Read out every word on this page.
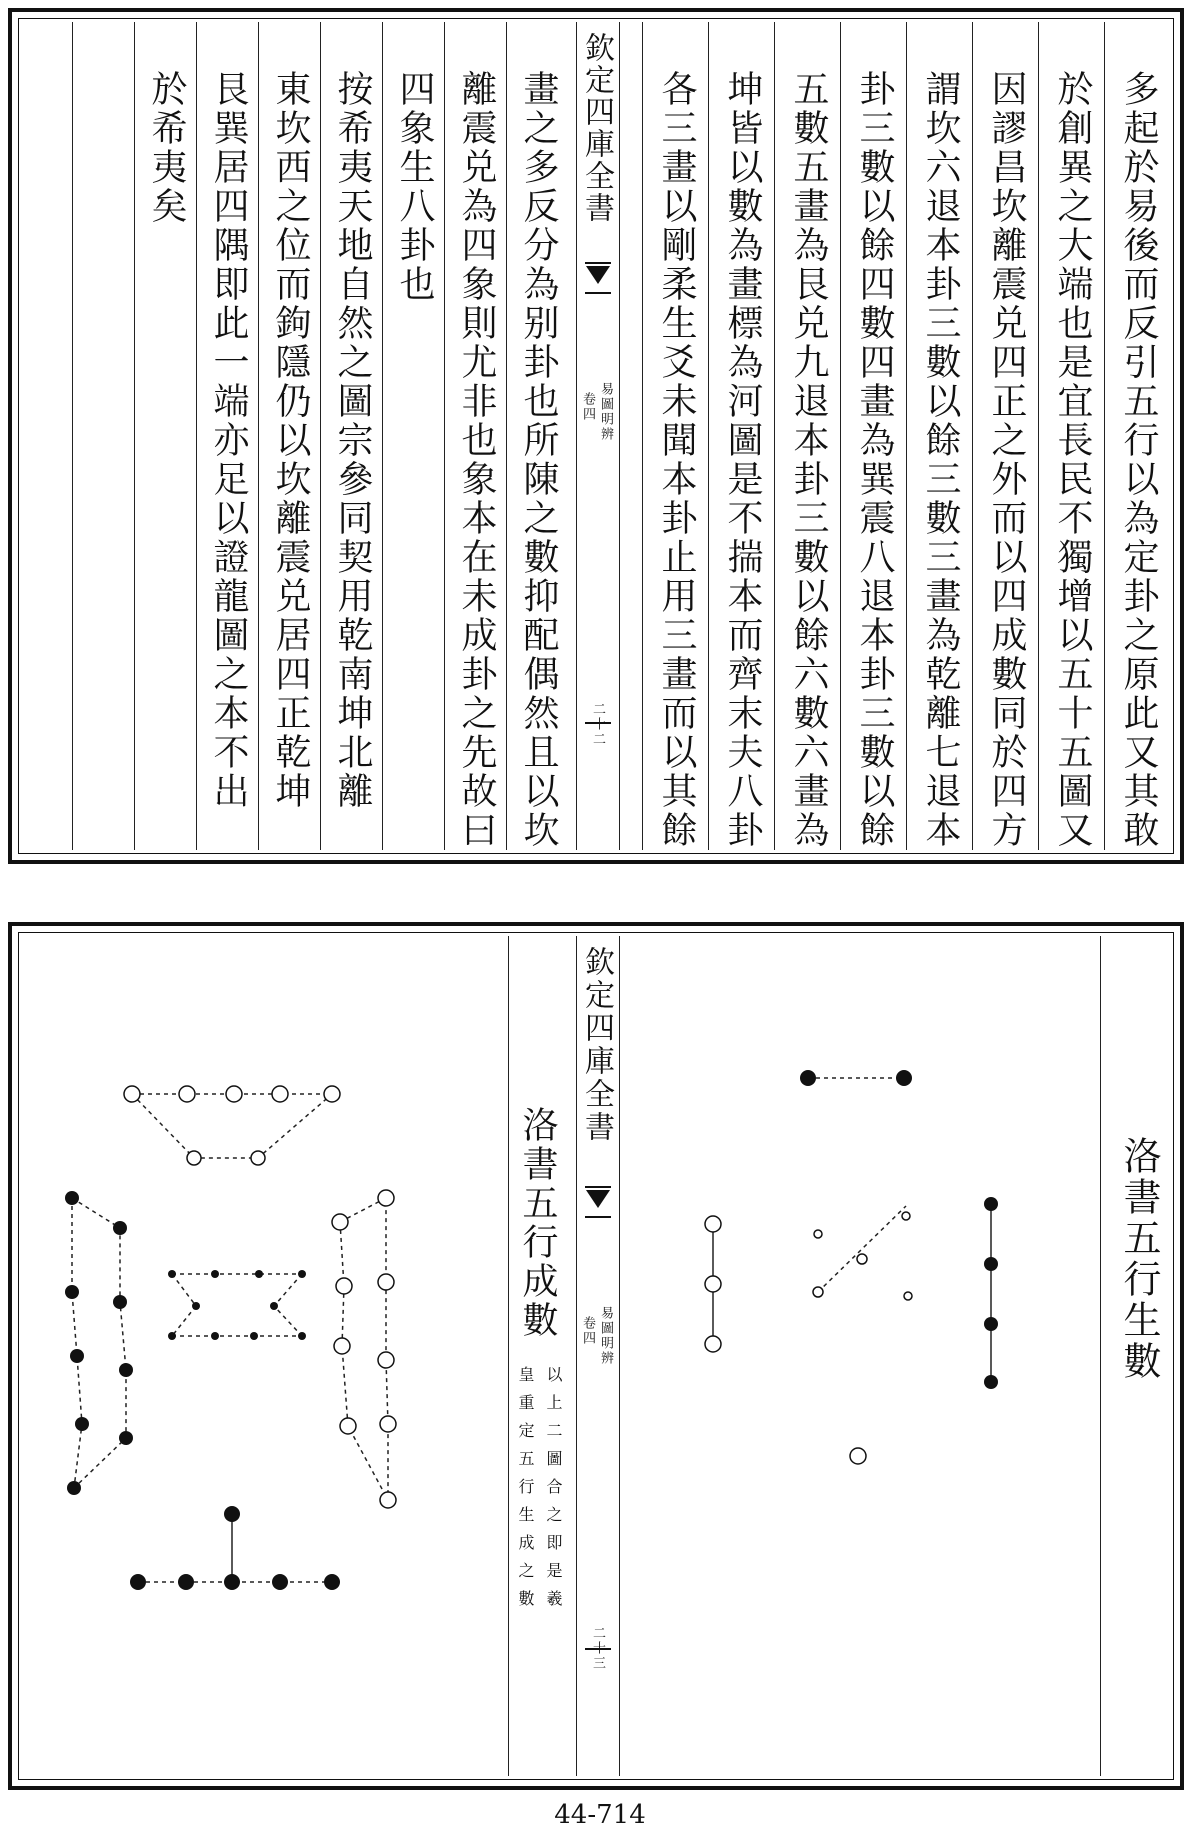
多起於易後而反引五行以為定卦之原此又其敢
於創異之大端也是宜長民不獨增以五十五圖又
因謬昌坎離震兑四正之外而以四成數同於四方
謂坎六退本卦三數以餘三數三畫為乾離七退本
卦三數以餘四數四畫為巽震八退本卦三數以餘
五數五畫為艮兑九退本卦三數以餘六數六畫為
坤皆以數為畫標為河圖是不揣本而齊末夫八卦
各三畫以剛柔生爻未聞本卦止用三畫而以其餘
欽定四庫全書
易圖明辨
卷四
二十二
畫之多反分為别卦也所陳之數抑配偶然且以坎
離震兑為四象則尤非也象本在未成卦之先故曰
四象生八卦也
按希夷天地自然之圖宗參同契用乾南坤北離
東坎西之位而鉤隱仍以坎離震兑居四正乾坤
艮巽居四隅即此一端亦足以證龍圖之本不出
於希夷矣
洛書五行生數
欽定四庫全書
易圖明辨
卷四
二十三
洛書五行成數
以上二圖合之即是羲
皇重定五行生成之數
44-714
